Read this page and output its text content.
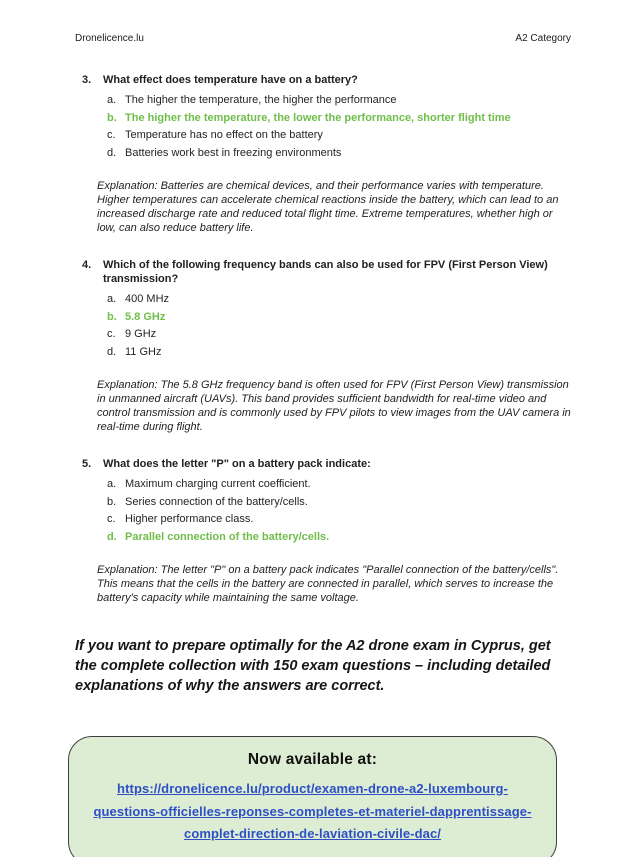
Dronelicence.lu	A2 Category
3.	What effect does temperature have on a battery?
a. The higher the temperature, the higher the performance
b. The higher the temperature, the lower the performance, shorter flight time
c. Temperature has no effect on the battery
d. Batteries work best in freezing environments
Explanation: Batteries are chemical devices, and their performance varies with temperature. Higher temperatures can accelerate chemical reactions inside the battery, which can lead to an increased discharge rate and reduced total flight time. Extreme temperatures, whether high or low, can also reduce battery life.
4.	Which of the following frequency bands can also be used for FPV (First Person View) transmission?
a. 400 MHz
b. 5.8 GHz
c. 9 GHz
d. 11 GHz
Explanation: The 5.8 GHz frequency band is often used for FPV (First Person View) transmission in unmanned aircraft (UAVs). This band provides sufficient bandwidth for real-time video and control transmission and is commonly used by FPV pilots to view images from the UAV camera in real-time during flight.
5.	What does the letter "P" on a battery pack indicate:
a. Maximum charging current coefficient.
b. Series connection of the battery/cells.
c. Higher performance class.
d. Parallel connection of the battery/cells.
Explanation: The letter "P" on a battery pack indicates "Parallel connection of the battery/cells". This means that the cells in the battery are connected in parallel, which serves to increase the battery's capacity while maintaining the same voltage.
If you want to prepare optimally for the A2 drone exam in Cyprus, get the complete collection with 150 exam questions – including detailed explanations of why the answers are correct.
Now available at:
https://dronelicence.lu/product/examen-drone-a2-luxembourg-questions-officielles-reponses-completes-et-materiel-dapprentissage-complet-direction-de-laviation-civile-dac/
